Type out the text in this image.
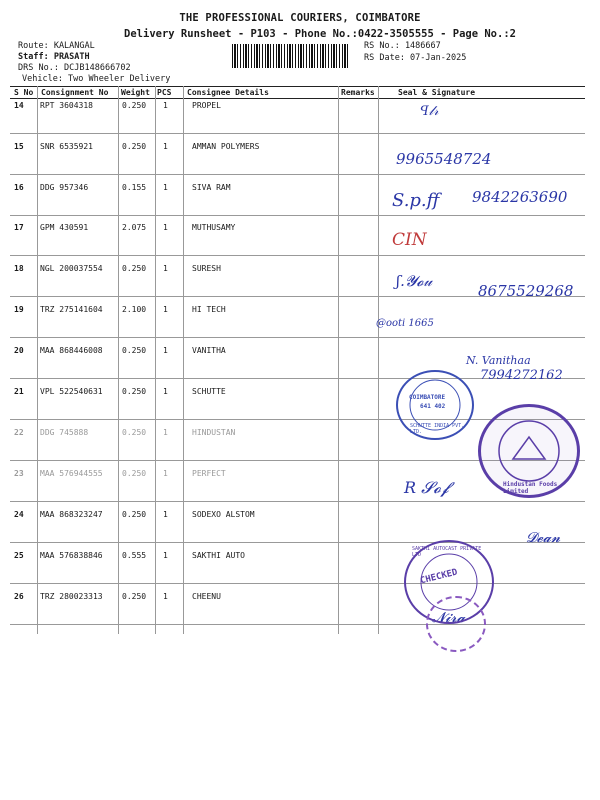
THE PROFESSIONAL COURIERS, COIMBATORE
Delivery Runsheet - P103 - Phone No.:0422-3505555 - Page No.:2
Route: KALANGAL
Staff: PRASATH
DRS No.: DCJB148666702
Vehicle: Two Wheeler Delivery
RS No.: 1486667
RS Date: 07-Jan-2025
S No Consignment No Weight PCS Consignee Details	Remarks	Seal & Signature
14 RPT 3604318	0.250 1	PROPEL
15 SNR 6535921	0.250 1	AMMAN POLYMERS
16 DDG 957346	0.155 1	SIVA RAM
17 GPM 430591	2.075 1	MUTHUSAMY
18 NGL 200037554 0.250 1	SURESH
19 TRZ 275141604 2.100 1	HI TECH
20 MAA 868446008 0.250 1	VANITHA
21 VPL 522540631 0.250 1	SCHUTTE
22 DDG 745888	0.250 1	HINDUSTAN
23 MAA 576944555 0.250 1	PERFECT
24 MAA 868323247 0.250 1	SODEXO ALSTOM
25 MAA 576838846 0.555 1	SAKTHI AUTO
26 TRZ 280023313 0.250 1	CHEENU
ꟼ𝓁𝓇
9965548724
9842263690
S.p.ff
CIN
ʃ.𝓨𝓸𝓊
8675529268
@ooti 1665
N. Vanithaa
7994272162
R 𝓢𝓸𝓯
𝓓𝓮𝓪𝓷
𝓝𝓲𝓻𝓪
COIMBATORE
641 402
SCHUTTE INDIA PVT. LTD.
Hindustan Foods Limited
CHECKED
SAKTHI AUTOCAST PRIVATE LTD
